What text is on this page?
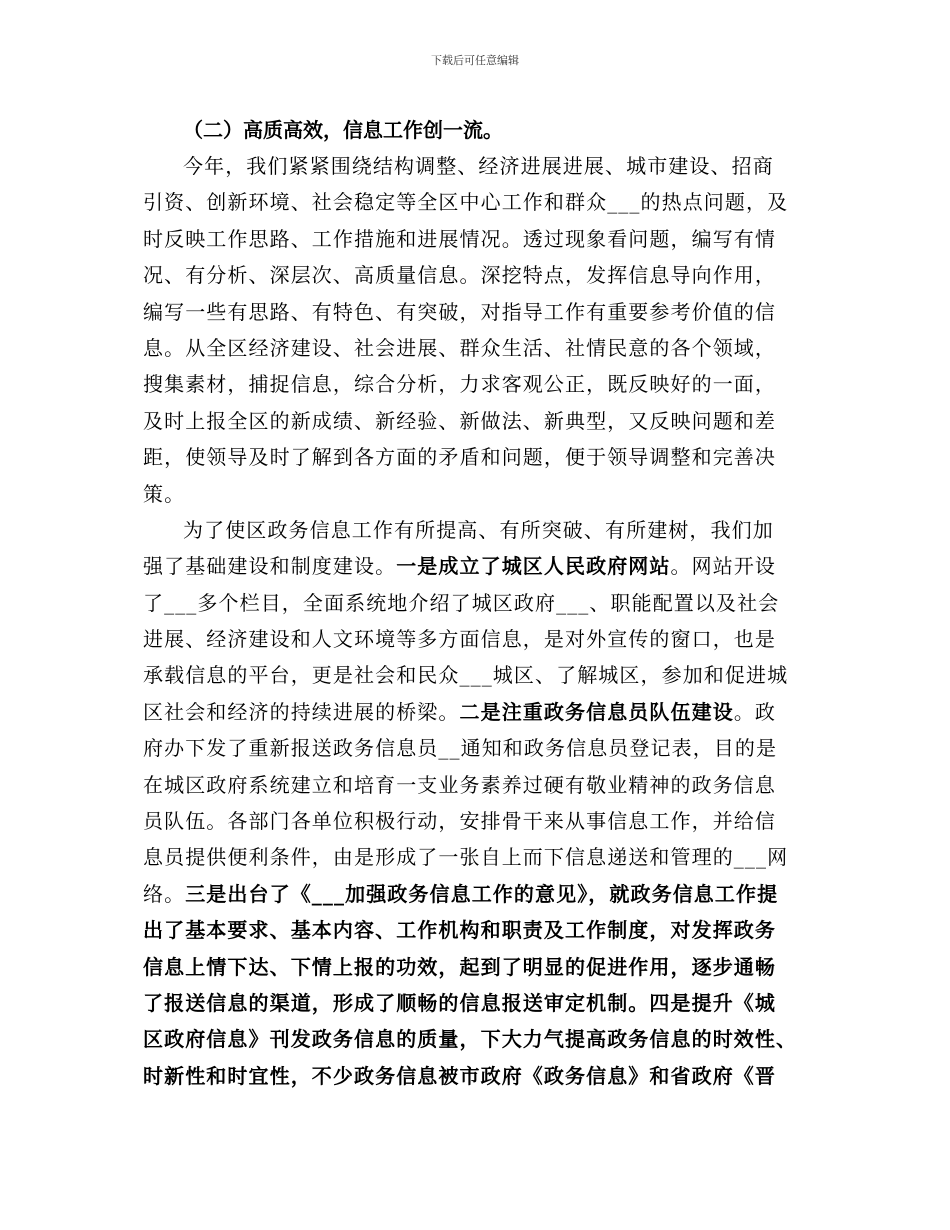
下载后可任意编辑
（二）高质高效，信息工作创一流。
今年，我们紧紧围绕结构调整、经济进展进展、城市建设、招商
引资、创新环境、社会稳定等全区中心工作和群众___的热点问题，及
时反映工作思路、工作措施和进展情况。透过现象看问题，编写有情
况、有分析、深层次、高质量信息。深挖特点，发挥信息导向作用，
编写一些有思路、有特色、有突破，对指导工作有重要参考价值的信
息。从全区经济建设、社会进展、群众生活、社情民意的各个领域，
搜集素材，捕捉信息，综合分析，力求客观公正，既反映好的一面，
及时上报全区的新成绩、新经验、新做法、新典型，又反映问题和差
距，使领导及时了解到各方面的矛盾和问题，便于领导调整和完善决
策。
为了使区政务信息工作有所提高、有所突破、有所建树，我们加
强了基础建设和制度建设。一是成立了城区人民政府网站。网站开设
了___多个栏目，全面系统地介绍了城区政府___、职能配置以及社会
进展、经济建设和人文环境等多方面信息，是对外宣传的窗口，也是
承载信息的平台，更是社会和民众___城区、了解城区，参加和促进城
区社会和经济的持续进展的桥梁。二是注重政务信息员队伍建设。政
府办下发了重新报送政务信息员__通知和政务信息员登记表，目的是
在城区政府系统建立和培育一支业务素养过硬有敬业精神的政务信息
员队伍。各部门各单位积极行动，安排骨干来从事信息工作，并给信
息员提供便利条件，由是形成了一张自上而下信息递送和管理的___网
络。三是出台了《___加强政务信息工作的意见》，就政务信息工作提
出了基本要求、基本内容、工作机构和职责及工作制度，对发挥政务
信息上情下达、下情上报的功效，起到了明显的促进作用，逐步通畅
了报送信息的渠道，形成了顺畅的信息报送审定机制。四是提升《城
区政府信息》刊发政务信息的质量，下大力气提高政务信息的时效性、
时新性和时宜性，不少政务信息被市政府《政务信息》和省政府《晋
